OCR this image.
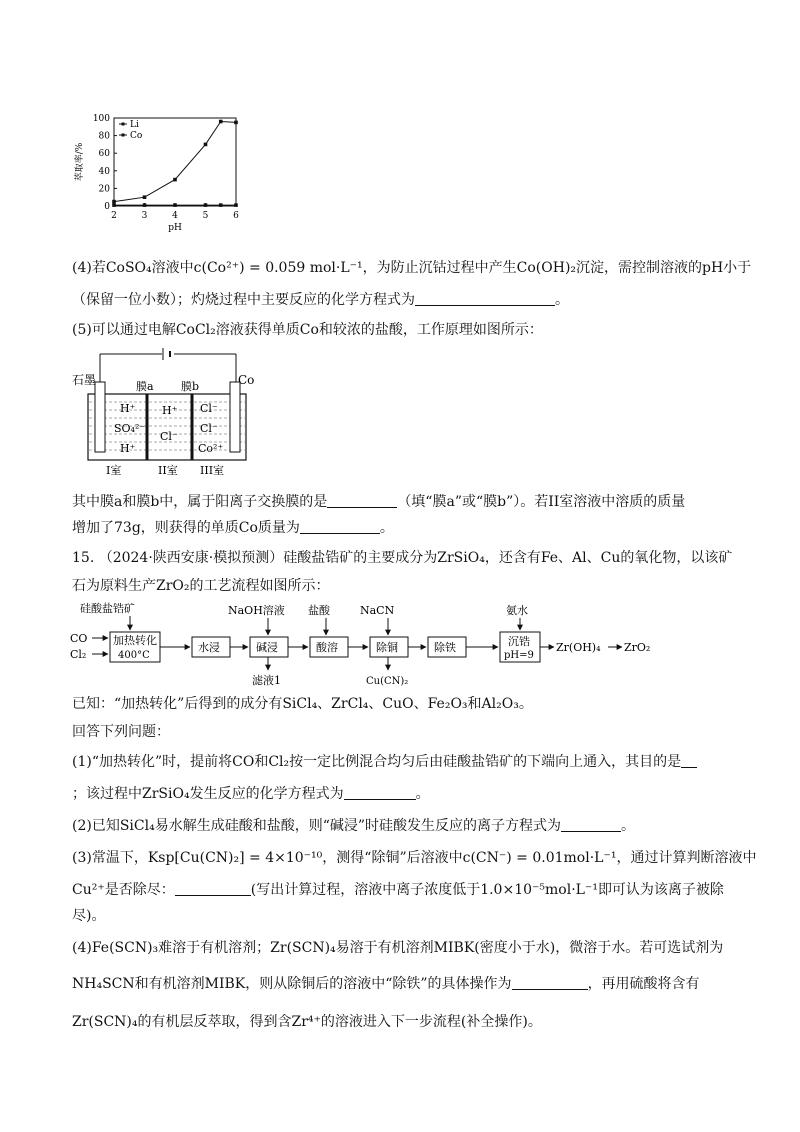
0
20
40
60
80
100
2	3	4	5	6
pH
萃取率/%
Li
Co
(4)若CoSO₄溶液中c(Co²⁺) = 0.059 mol·L⁻¹，为防止沉钴过程中产生Co(OH)₂沉淀，需控制溶液的pH小于
（保留一位小数）；灼烧过程中主要反应的化学方程式为	。
(5)可以通过电解CoCl₂溶液获得单质Co和较浓的盐酸，工作原理如图所示：
石墨	Co
膜a 膜b
H⁺
SO₄²⁻
H⁺
H⁺
Cl⁻
Cl⁻
Cl⁻
Co²⁺
I室	II室 III室
其中膜a和膜b中，属于阳离子交换膜的是	（填“膜a”或“膜b”）。若II室溶液中溶质的质量
增加了73g，则获得的单质Co质量为	。
15. （2024·陕西安康·模拟预测）硅酸盐锆矿的主要成分为ZrSiO₄，还含有Fe、Al、Cu的氧化物，以该矿
石为原料生产ZrO₂的工艺流程如图所示：
硅酸盐锆矿
加热转化
400°C
CO
Cl₂
水浸
NaOH溶液
碱浸
滤液1
盐酸
酸溶
NaCN
除铜
Cu(CN)₂
除铁
氨水
沉锆
pH=9
Zr(OH)₄ ZrO₂
已知：“加热转化”后得到的成分有SiCl₄、ZrCl₄、CuO、Fe₂O₃和Al₂O₃。
回答下列问题：
(1)“加热转化”时，提前将CO和Cl₂按一定比例混合均匀后由硅酸盐锆矿的下端向上通入，其目的是
；该过程中ZrSiO₄发生反应的化学方程式为	。
(2)已知SiCl₄易水解生成硅酸和盐酸，则“碱浸”时硅酸发生反应的离子方程式为	。
(3)常温下，Ksp[Cu(CN)₂] = 4×10⁻¹⁰，测得“除铜”后溶液中c(CN⁻) = 0.01mol·L⁻¹，通过计算判断溶液中
Cu²⁺是否除尽：	(写出计算过程，溶液中离子浓度低于1.0×10⁻⁵mol·L⁻¹即可认为该离子被除
尽)。
(4)Fe(SCN)₃难溶于有机溶剂；Zr(SCN)₄易溶于有机溶剂MIBK(密度小于水)，微溶于水。若可选试剂为
NH₄SCN和有机溶剂MIBK，则从除铜后的溶液中“除铁”的具体操作为	，再用硫酸将含有
Zr(SCN)₄的有机层反萃取，得到含Zr⁴⁺的溶液进入下一步流程(补全操作)。
